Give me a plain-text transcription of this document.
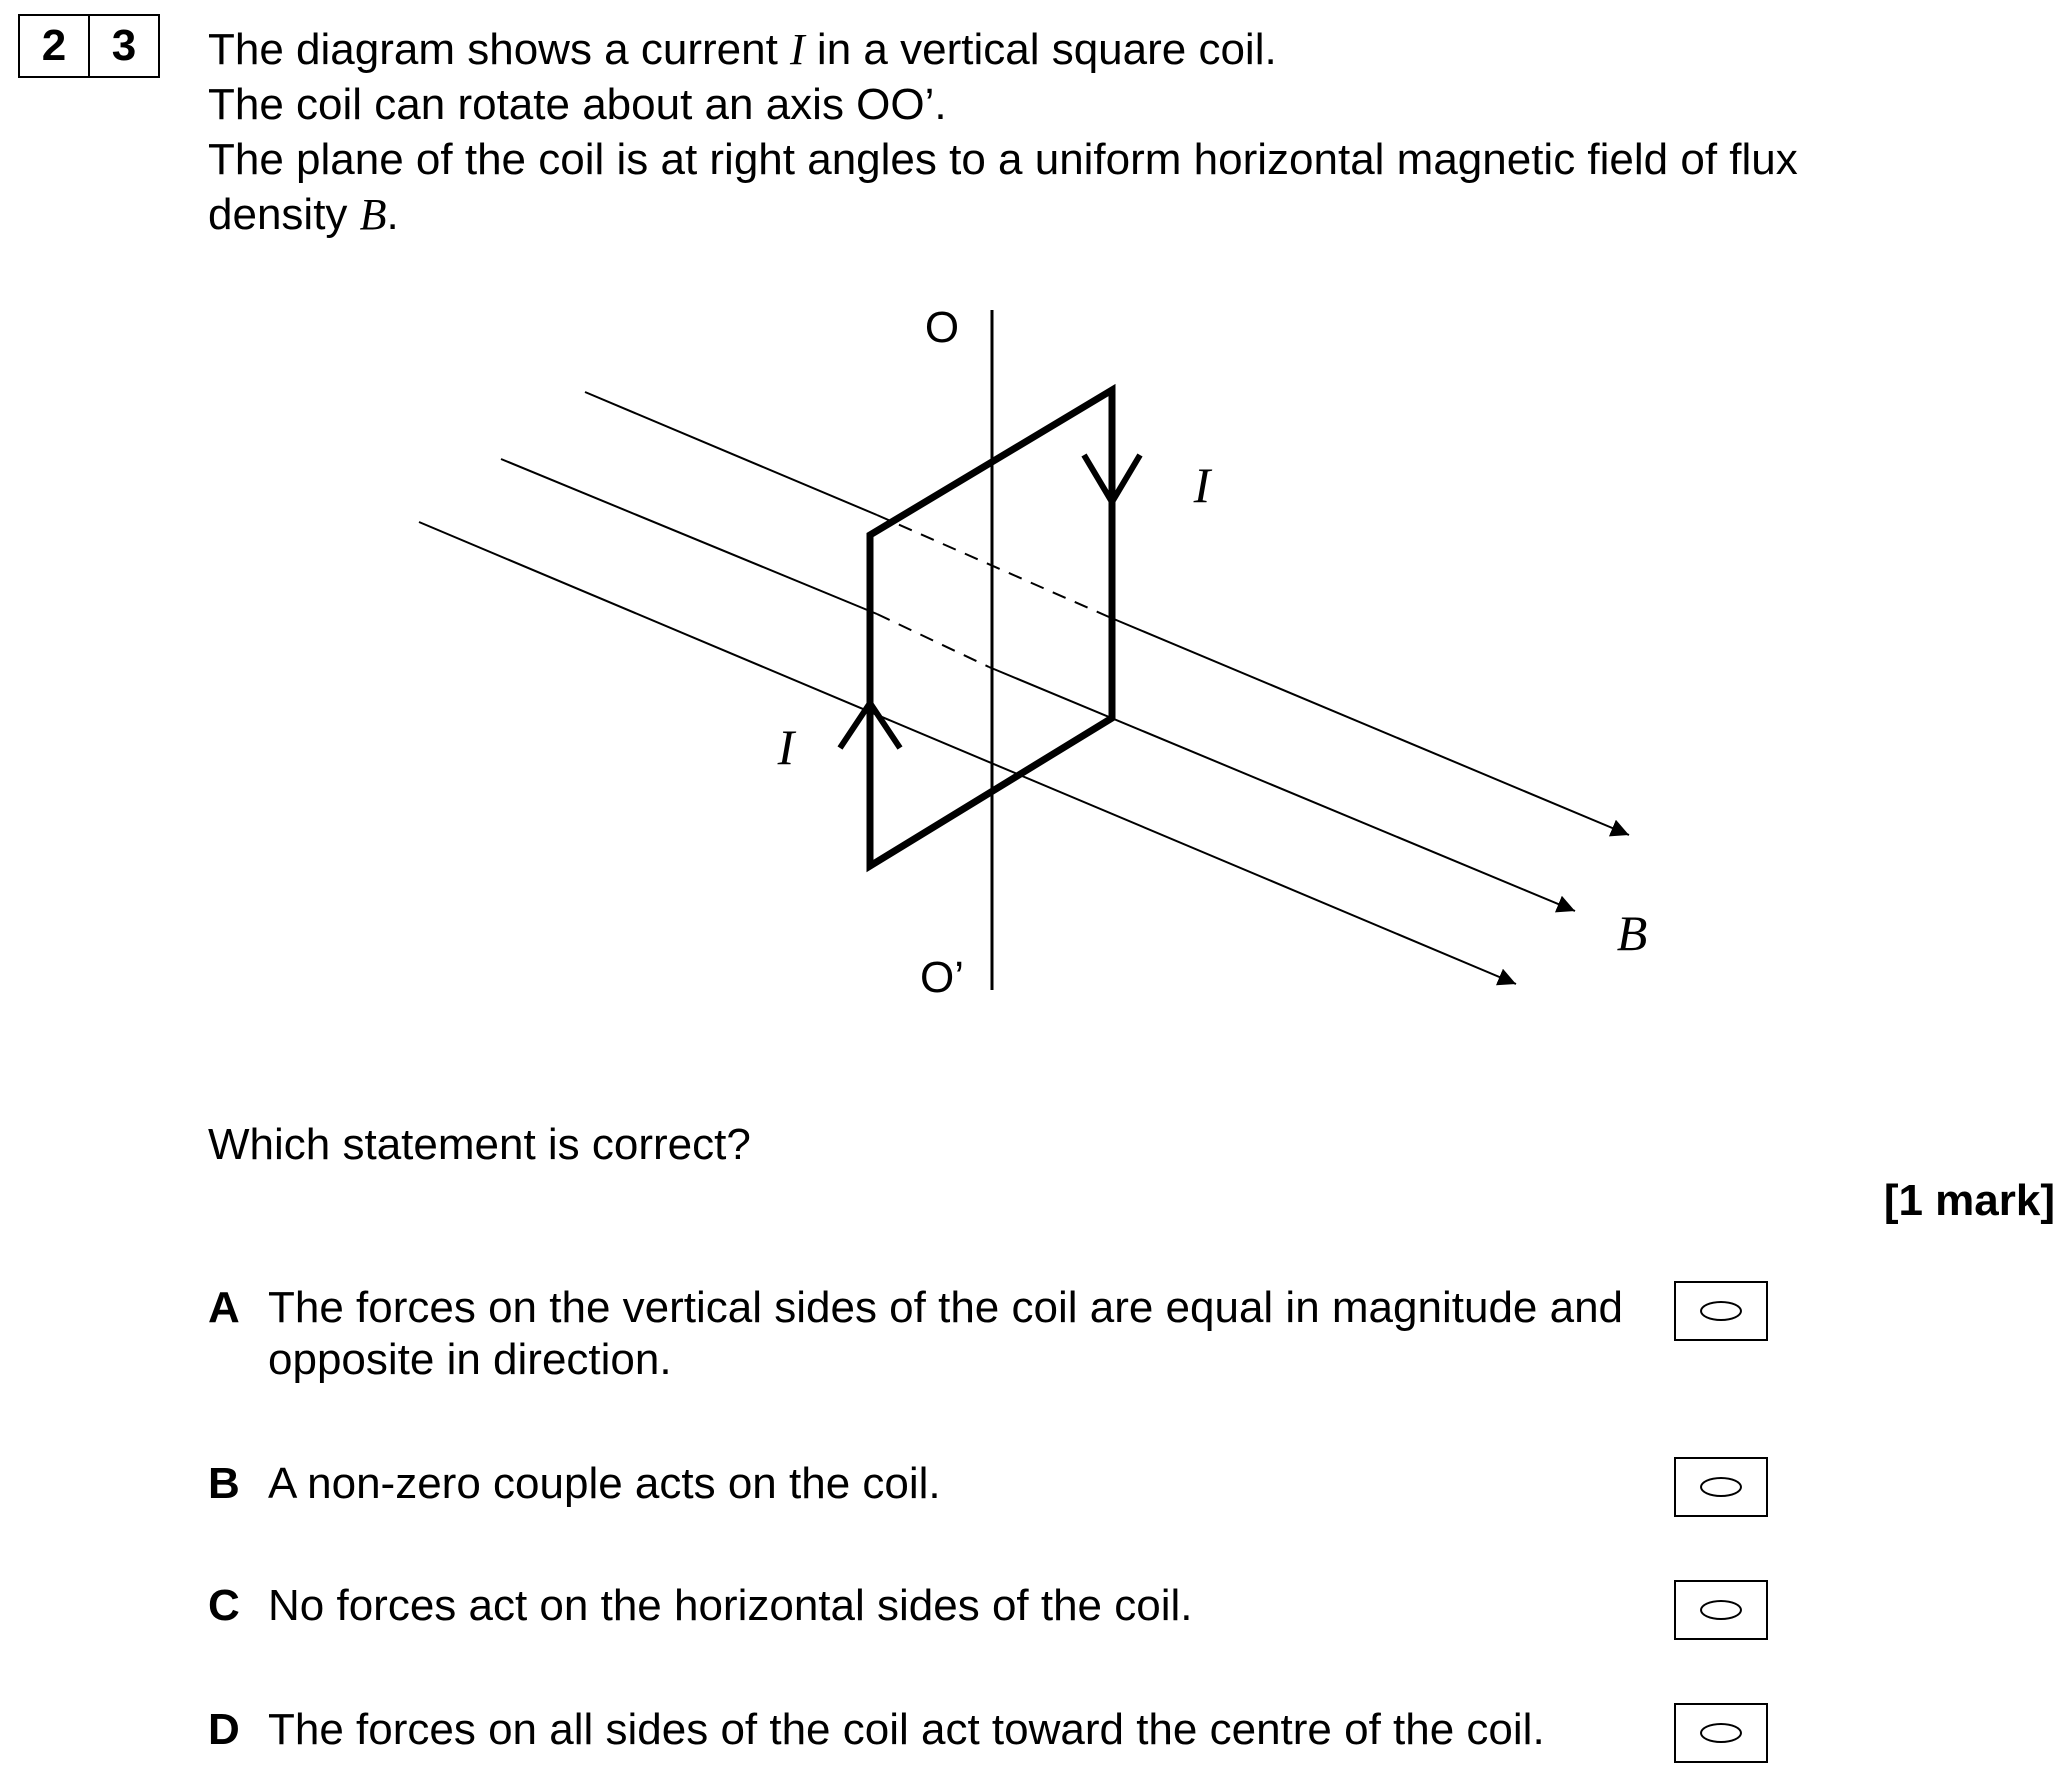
2	3	The diagram shows a current I in a vertical square coil.

The coil can rotate about an axis OO’.

The plane of the coil is at right angles to a uniform horizontal magnetic field of flux density B.

O
O’
I
I
B
Which statement is correct?
[1 mark]
A The forces on the vertical sides of the coil are equal in magnitude and opposite in direction.
B A non-zero couple acts on the coil.
C No forces act on the horizontal sides of the coil.
D The forces on all sides of the coil act toward the centre of the coil.
